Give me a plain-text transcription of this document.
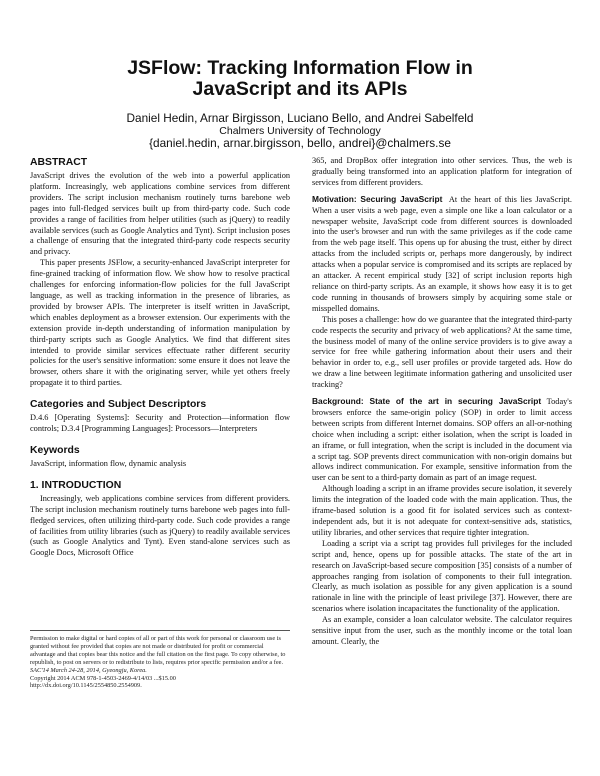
JSFlow: Tracking Information Flow in
JavaScript and its APIs
Daniel Hedin, Arnar Birgisson, Luciano Bello, and Andrei Sabelfeld
Chalmers University of Technology
{daniel.hedin, arnar.birgisson, bello, andrei}@chalmers.se
ABSTRACT

JavaScript drives the evolution of the web into a powerful application platform. Increasingly, web applications combine services from different providers. The script inclusion mechanism routinely turns barebone web pages into full-fledged services built up from third-party code. Such code provides a range of facilities from helper utilities (such as jQuery) to readily available services (such as Google Analytics and Tynt). Script inclusion poses a challenge of ensuring that the integrated third-party code respects security and privacy.

This paper presents JSFlow, a security-enhanced JavaScript interpreter for fine-grained tracking of information flow. We show how to resolve practical challenges for enforcing information-flow policies for the full JavaScript language, as well as tracking information in the presence of libraries, as provided by browser APIs. The interpreter is itself written in JavaScript, which enables deployment as a browser extension. Our experiments with the extension provide in-depth understanding of information manipulation by third-party scripts such as Google Analytics. We find that different sites intended to provide similar services effectuate rather different security policies for the user's sensitive information: some ensure it does not leave the browser, others share it with the originating server, while yet others freely propagate it to third parties.

Categories and Subject Descriptors

D.4.6 [Operating Systems]: Security and Protection—information flow controls; D.3.4 [Programming Languages]: Processors—Interpreters

Keywords

JavaScript, information flow, dynamic analysis

1. INTRODUCTION

Increasingly, web applications combine services from different providers. The script inclusion mechanism routinely turns barebone web pages into full-fledged services, often utilizing third-party code. Such code provides a range of facilities from utility libraries (such as jQuery) to readily available services (such as Google Analytics and Tynt). Even stand-alone services such as Google Docs, Microsoft Office

Permission to make digital or hard copies of all or part of this work for personal or classroom use is granted without fee provided that copies are not made or distributed for profit or commercial advantage and that copies bear this notice and the full citation on the first page. To copy otherwise, to republish, to post on servers or to redistribute to lists, requires prior specific permission and/or a fee.

SAC'14 March 24-28, 2014, Gyeongju, Korea.

Copyright 2014 ACM 978-1-4503-2469-4/14/03 ...$15.00

http://dx.doi.org/10.1145/2554850.2554909.

365, and DropBox offer integration into other services. Thus, the web is gradually being transformed into an application platform for integration of services from different providers.

Motivation: Securing JavaScript At the heart of this lies JavaScript. When a user visits a web page, even a simple one like a loan calculator or a newspaper website, JavaScript code from different sources is downloaded into the user's browser and run with the same privileges as if the code came from the web page itself. This opens up for abusing the trust, either by direct attacks from the included scripts or, perhaps more dangerously, by indirect attacks when a popular service is compromised and its scripts are replaced by an attacker. A recent empirical study [32] of script inclusion reports high reliance on third-party scripts. As an example, it shows how easy it is to get code running in thousands of browsers simply by acquiring some stale or misspelled domains.

This poses a challenge: how do we guarantee that the integrated third-party code respects the security and privacy of web applications? At the same time, the business model of many of the online service providers is to give away a service for free while gathering information about their users and their behavior in order to, e.g., sell user profiles or provide targeted ads. How do we draw a line between legitimate information gathering and unsolicited user tracking?

Background: State of the art in securing JavaScript Today's browsers enforce the same-origin policy (SOP) in order to limit access between scripts from different Internet domains. SOP offers an all-or-nothing choice when including a script: either isolation, when the script is loaded in an iframe, or full integration, when the script is included in the document via a script tag. SOP prevents direct communication with non-origin domains but allows indirect communication. For example, sensitive information from the user can be sent to a third-party domain as part of an image request.

Although loading a script in an iframe provides secure isolation, it severely limits the integration of the loaded code with the main application. Thus, the iframe-based solution is a good fit for isolated services such as context-independent ads, but it is not adequate for context-sensitive ads, statistics, utility libraries, and other services that require tighter integration.

Loading a script via a script tag provides full privileges for the included script and, hence, opens up for possible attacks. The state of the art in research on JavaScript-based secure composition [35] consists of a number of approaches ranging from isolation of components to their full integration. Clearly, as much isolation as possible for any given application is a sound rationale in line with the principle of least privilege [37]. However, there are scenarios where isolation incapacitates the functionality of the application.

As an example, consider a loan calculator website. The calculator requires sensitive input from the user, such as the monthly income or the total loan amount. Clearly, the
